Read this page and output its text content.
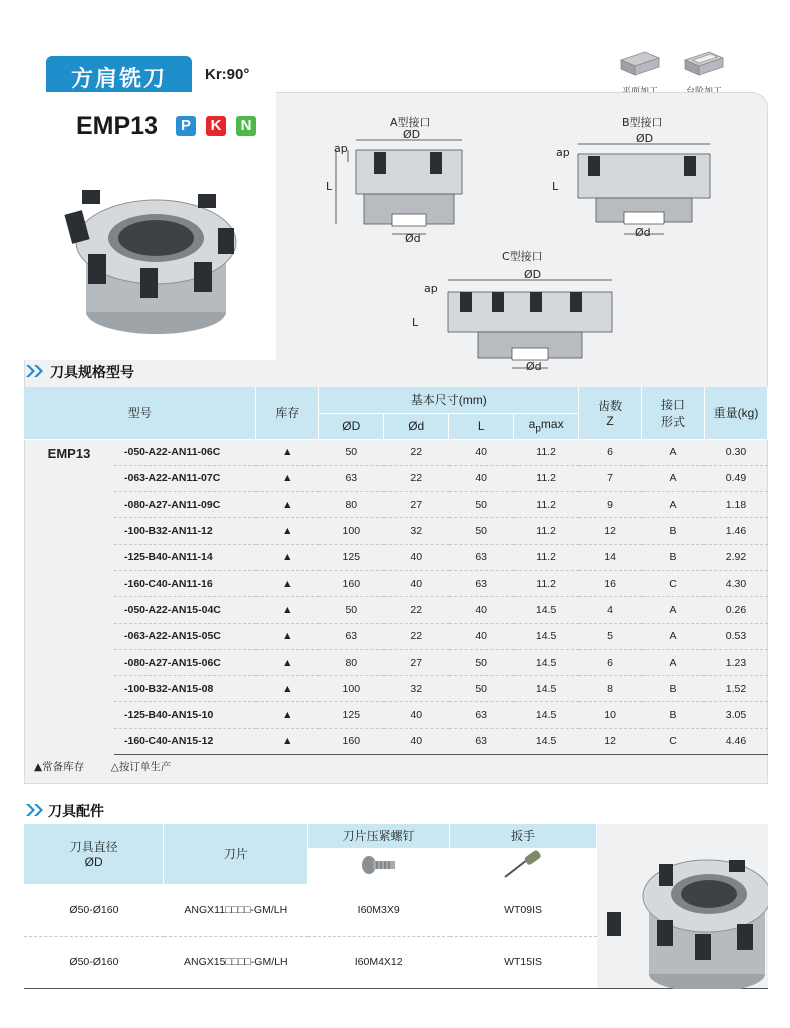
方肩铣刀	Kr:90°
EMP13	P	K	N	A型接口
ØD
ap
L
Ød
B型接口
ØD
ap
L
Ød
C型接口
ØD
ap
L
Ød
刀具规格型号
型号		库存	基本尺寸(mm)				齿数
Z	接口
形式	重量(kg)
			ØD	Ød	L	$a_p\max$			

EMP13	-050-A22-AN11-06C	▲	50	22	40	11.2	6	A	0.30
	-063-A22-AN11-07C	▲	63	22	40	11.2	7	A	0.49
	-080-A27-AN11-09C	▲	80	27	50	11.2	9	A	1.18
	-100-B32-AN11-12	▲	100	32	50	11.2	12	B	1.46
	-125-B40-AN11-14	▲	125	40	63	11.2	14	B	2.92
	-160-C40-AN11-16	▲	160	40	63	11.2	16	C	4.30
	-050-A22-AN15-04C	▲	50	22	40	14.5	4	A	0.26
	-063-A22-AN15-05C	▲	63	22	40	14.5	5	A	0.53
	-080-A27-AN15-06C	▲	80	27	50	14.5	6	A	1.23
	-100-B32-AN15-08	▲	100	32	50	14.5	8	B	1.52
	-125-B40-AN15-10	▲	125	40	63	14.5	10	B	3.05
	-160-C40-AN15-12	▲	160	40	63	14.5	12	C	4.46
▲常备库存	△按订单生产
刀具配件
刀具直径
ØD	刀片	刀片压紧螺钉	扳手

Ø50-Ø160	ANGX11□□□□-GM/LH	I60M3X9	WT09IS
Ø50-Ø160	ANGX15□□□□-GM/LH	I60M4X12	WT15IS
